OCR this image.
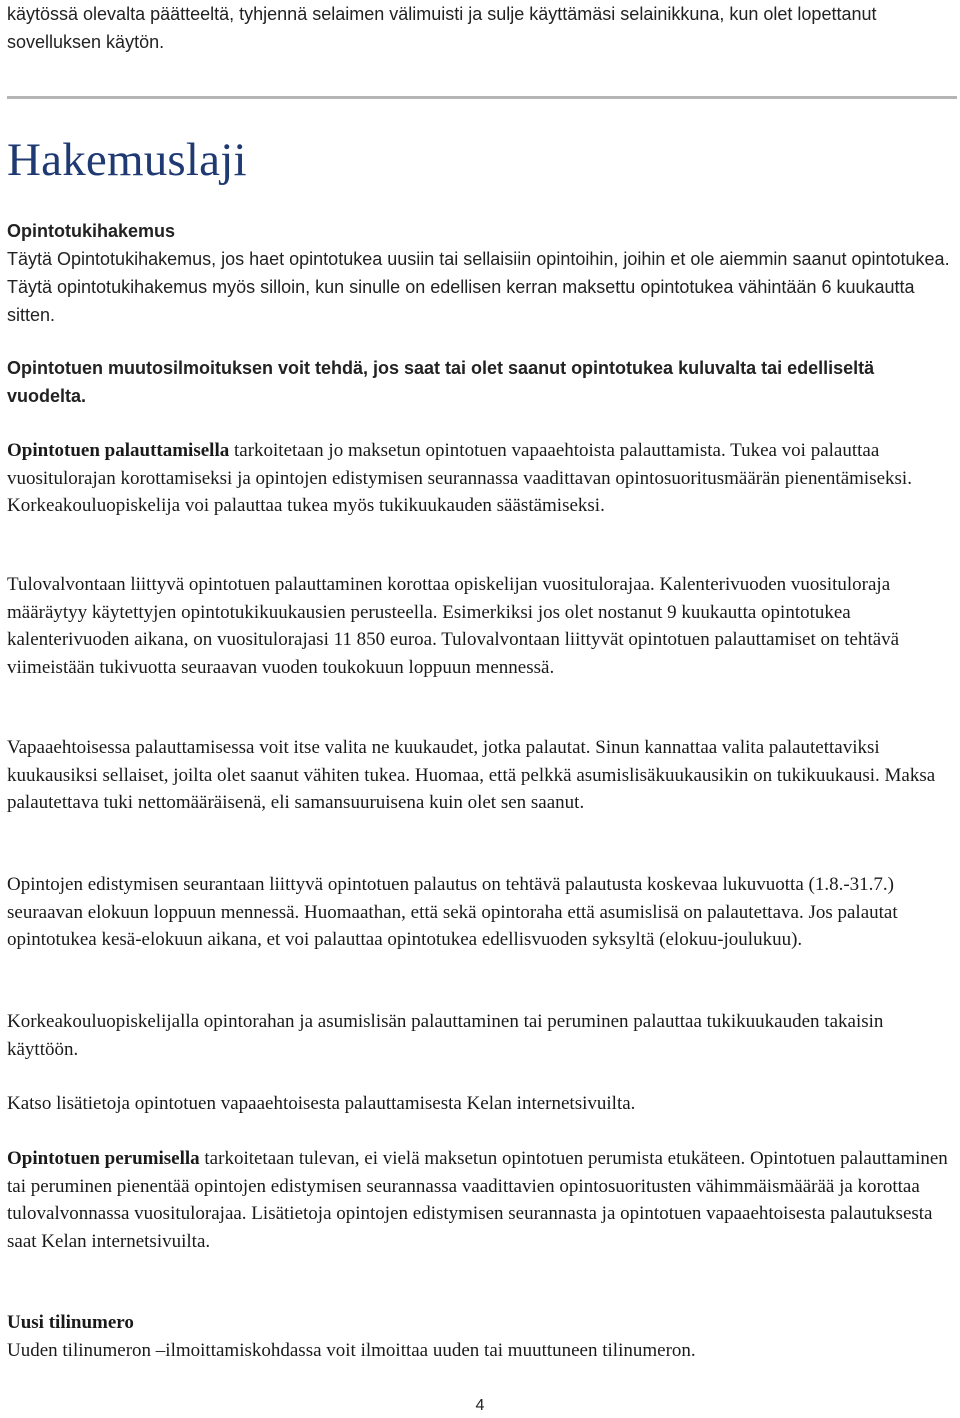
käytössä olevalta päätteeltä, tyhjennä selaimen välimuisti ja sulje käyttämäsi selainikkuna, kun olet lopettanut sovelluksen käytön.

Hakemuslaji
Opintotukihakemus
Täytä Opintotukihakemus, jos haet opintotukea uusiin tai sellaisiin opintoihin, joihin et ole aiemmin saanut opintotukea. Täytä opintotukihakemus myös silloin, kun sinulle on edellisen kerran maksettu opintotukea vähintään 6 kuukautta sitten.

Opintotuen muutosilmoituksen voit tehdä, jos saat tai olet saanut opintotukea kuluvalta tai edelliseltä vuodelta.

Opintotuen palauttamisella tarkoitetaan jo maksetun opintotuen vapaaehtoista palauttamista. Tukea voi palauttaa vuositulorajan korottamiseksi ja opintojen edistymisen seurannassa vaadittavan opintosuoritusmäärän pienentämiseksi. Korkeakouluopiskelija voi palauttaa tukea myös tukikuukauden säästämiseksi.

Tulovalvontaan liittyvä opintotuen palauttaminen korottaa opiskelijan vuositulorajaa. Kalenterivuoden vuosituloraja määräytyy käytettyjen opintotukikuukausien perusteella. Esimerkiksi jos olet nostanut 9 kuukautta opintotukea kalenterivuoden aikana, on vuositulorajasi 11 850 euroa. Tulovalvontaan liittyvät opintotuen palauttamiset on tehtävä viimeistään tukivuotta seuraavan vuoden toukokuun loppuun mennessä.

Vapaaehtoisessa palauttamisessa voit itse valita ne kuukaudet, jotka palautat. Sinun kannattaa valita palautettaviksi kuukausiksi sellaiset, joilta olet saanut vähiten tukea. Huomaa, että pelkkä asumislisäkuukausikin on tukikuukausi. Maksa palautettava tuki nettomääräisenä, eli samansuuruisena kuin olet sen saanut.

Opintojen edistymisen seurantaan liittyvä opintotuen palautus on tehtävä palautusta koskevaa lukuvuotta (1.8.-31.7.) seuraavan elokuun loppuun mennessä. Huomaathan, että sekä opintoraha että asumislisä on palautettava. Jos palautat opintotukea kesä-elokuun aikana, et voi palauttaa opintotukea edellisvuoden syksyltä (elokuu-joulukuu).

Korkeakouluopiskelijalla opintorahan ja asumislisän palauttaminen tai peruminen palauttaa tukikuukauden takaisin käyttöön.

Katso lisätietoja opintotuen vapaaehtoisesta palauttamisesta Kelan internetsivuilta.

Opintotuen perumisella tarkoitetaan tulevan, ei vielä maksetun opintotuen perumista etukäteen. Opintotuen palauttaminen tai peruminen pienentää opintojen edistymisen seurannassa vaadittavien opintosuoritusten vähimmäismäärää ja korottaa tulovalvonnassa vuositulorajaa. Lisätietoja opintojen edistymisen seurannasta ja opintotuen vapaaehtoisesta palautuksesta saat Kelan internetsivuilta.

Uusi tilinumero
Uuden tilinumeron –ilmoittamiskohdassa voit ilmoittaa uuden tai muuttuneen tilinumeron.
4
